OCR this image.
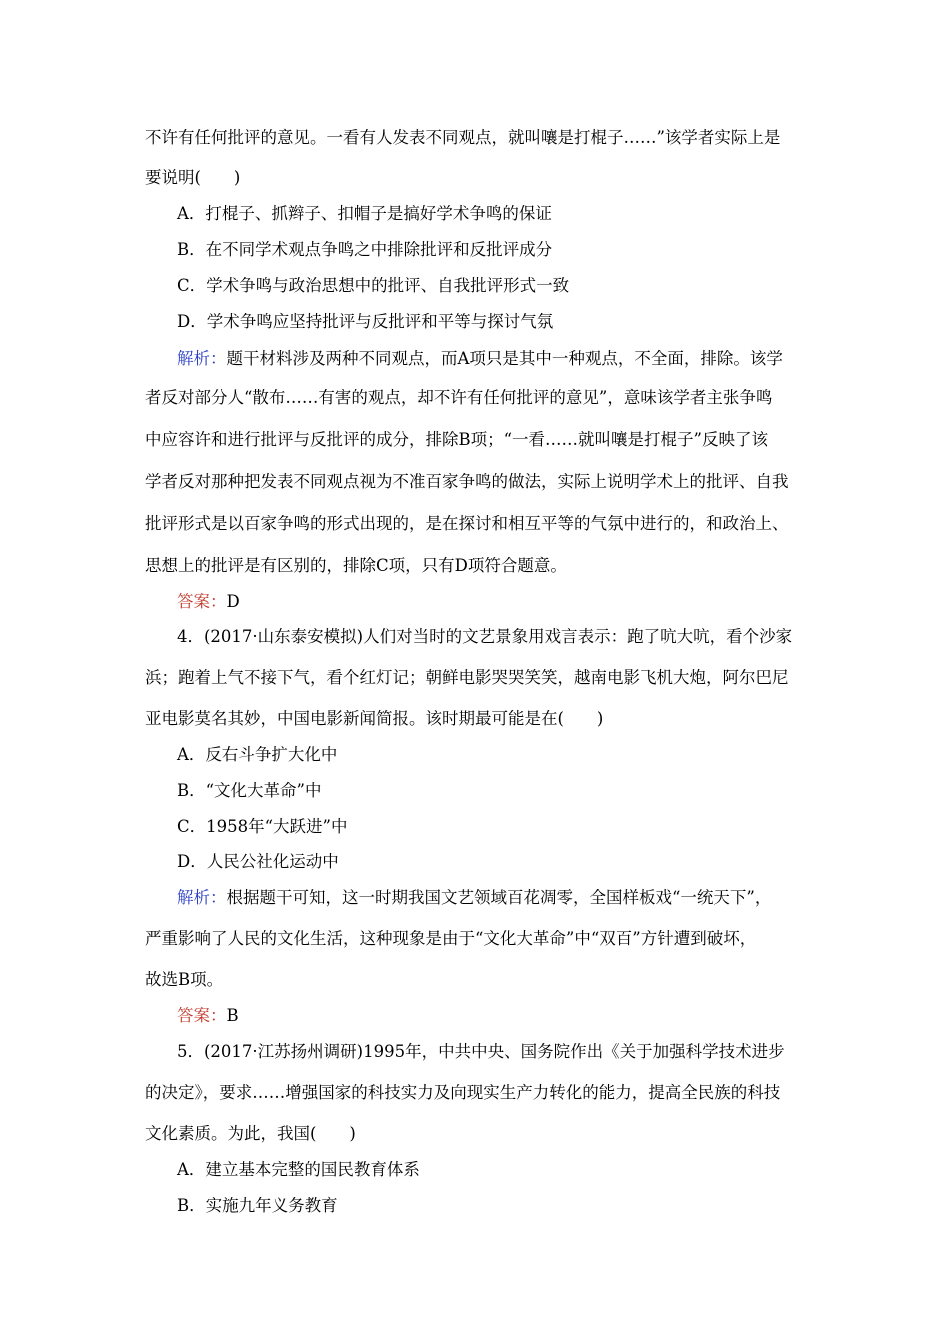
不许有任何批评的意见。一看有人发表不同观点，就叫嚷是打棍子……”该学者实际上是
要说明(　　)
A．打棍子、抓辫子、扣帽子是搞好学术争鸣的保证
B．在不同学术观点争鸣之中排除批评和反批评成分
C．学术争鸣与政治思想中的批评、自我批评形式一致
D．学术争鸣应坚持批评与反批评和平等与探讨气氛
解析：题干材料涉及两种不同观点，而A项只是其中一种观点，不全面，排除。该学
者反对部分人“散布……有害的观点，却不许有任何批评的意见”，意味该学者主张争鸣
中应容许和进行批评与反批评的成分，排除B项；“一看……就叫嚷是打棍子”反映了该
学者反对那种把发表不同观点视为不准百家争鸣的做法，实际上说明学术上的批评、自我
批评形式是以百家争鸣的形式出现的，是在探讨和相互平等的气氛中进行的，和政治上、
思想上的批评是有区别的，排除C项，只有D项符合题意。
答案：D
4．(2017·山东泰安模拟)人们对当时的文艺景象用戏言表示：跑了吭大吭，看个沙家
浜；跑着上气不接下气，看个红灯记；朝鲜电影哭哭笑笑，越南电影飞机大炮，阿尔巴尼
亚电影莫名其妙，中国电影新闻简报。该时期最可能是在(　　)
A．反右斗争扩大化中
B．“文化大革命”中
C．1958年“大跃进”中
D．人民公社化运动中
解析：根据题干可知，这一时期我国文艺领域百花凋零，全国样板戏“一统天下”，
严重影响了人民的文化生活，这种现象是由于“文化大革命”中“双百”方针遭到破坏，
故选B项。
答案：B
5．(2017·江苏扬州调研)1995年，中共中央、国务院作出《关于加强科学技术进步
的决定》，要求……增强国家的科技实力及向现实生产力转化的能力，提高全民族的科技
文化素质。为此，我国(　　)
A．建立基本完整的国民教育体系
B．实施九年义务教育
